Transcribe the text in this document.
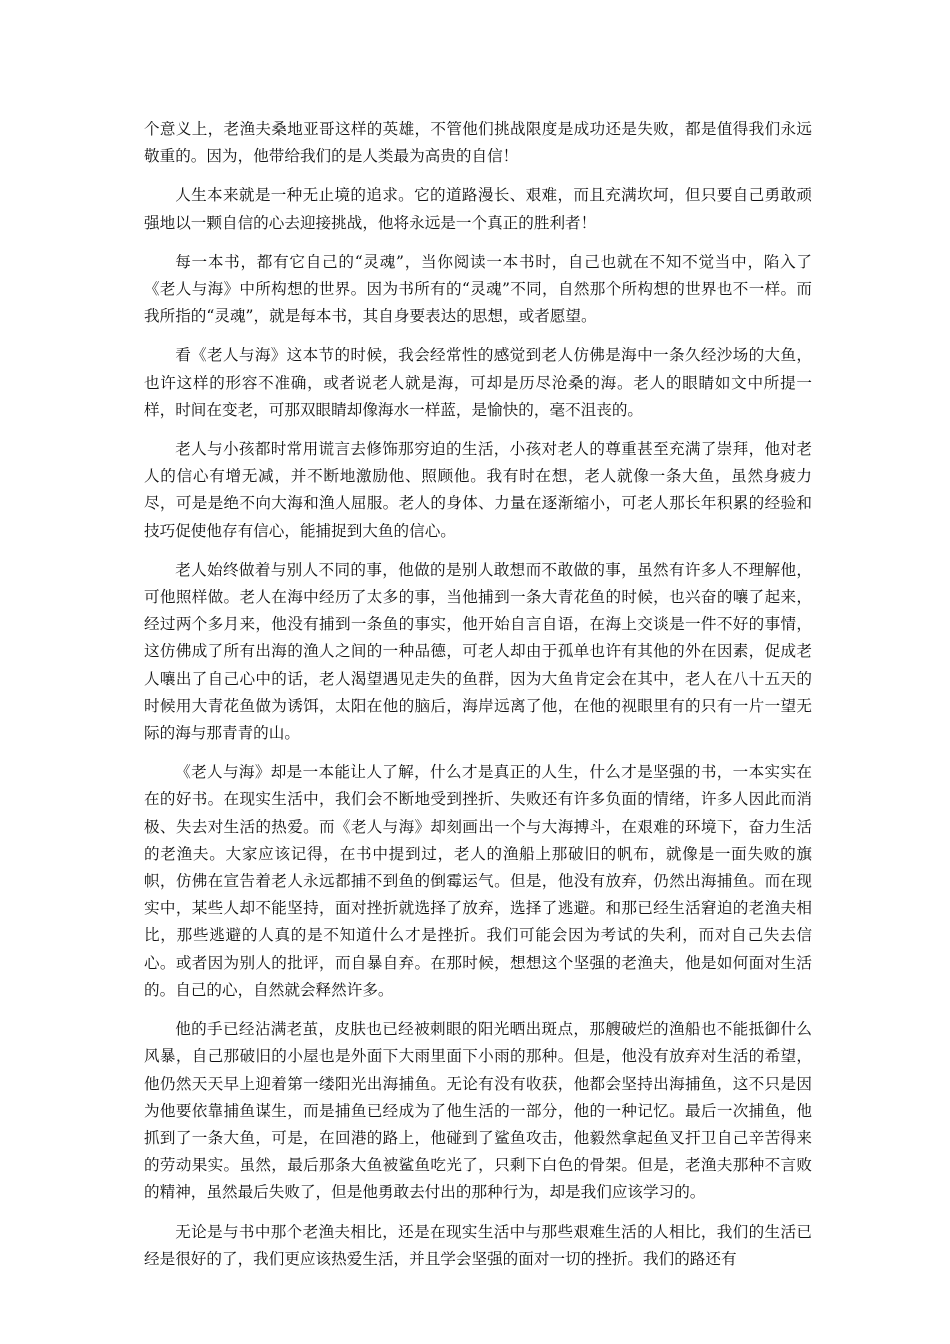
个意义上，老渔夫桑地亚哥这样的英雄，不管他们挑战限度是成功还是失败，都是值得我们永远敬重的。因为，他带给我们的是人类最为高贵的自信！

人生本来就是一种无止境的追求。它的道路漫长、艰难，而且充满坎坷，但只要自己勇敢顽强地以一颗自信的心去迎接挑战，他将永远是一个真正的胜利者！

每一本书，都有它自己的“灵魂”，当你阅读一本书时，自己也就在不知不觉当中，陷入了《老人与海》中所构想的世界。因为书所有的“灵魂”不同，自然那个所构想的世界也不一样。而我所指的“灵魂”，就是每本书，其自身要表达的思想，或者愿望。

看《老人与海》这本节的时候，我会经常性的感觉到老人仿佛是海中一条久经沙场的大鱼，也许这样的形容不准确，或者说老人就是海，可却是历尽沧桑的海。老人的眼睛如文中所提一样，时间在变老，可那双眼睛却像海水一样蓝，是愉快的，毫不沮丧的。

老人与小孩都时常用谎言去修饰那穷迫的生活，小孩对老人的尊重甚至充满了崇拜，他对老人的信心有增无减，并不断地激励他、照顾他。我有时在想，老人就像一条大鱼，虽然身疲力尽，可是是绝不向大海和渔人屈服。老人的身体、力量在逐渐缩小，可老人那长年积累的经验和技巧促使他存有信心，能捕捉到大鱼的信心。

老人始终做着与别人不同的事，他做的是别人敢想而不敢做的事，虽然有许多人不理解他，可他照样做。老人在海中经历了太多的事，当他捕到一条大青花鱼的时候，也兴奋的嚷了起来，经过两个多月来，他没有捕到一条鱼的事实，他开始自言自语，在海上交谈是一件不好的事情，这仿佛成了所有出海的渔人之间的一种品德，可老人却由于孤单也许有其他的外在因素，促成老人嚷出了自己心中的话，老人渴望遇见走失的鱼群，因为大鱼肯定会在其中，老人在八十五天的时候用大青花鱼做为诱饵，太阳在他的脑后，海岸远离了他，在他的视眼里有的只有一片一望无际的海与那青青的山。

《老人与海》却是一本能让人了解，什么才是真正的人生，什么才是坚强的书，一本实实在在的好书。在现实生活中，我们会不断地受到挫折、失败还有许多负面的情绪，许多人因此而消极、失去对生活的热爱。而《老人与海》却刻画出一个与大海搏斗，在艰难的环境下，奋力生活的老渔夫。大家应该记得，在书中提到过，老人的渔船上那破旧的帆布，就像是一面失败的旗帜，仿佛在宣告着老人永远都捕不到鱼的倒霉运气。但是，他没有放弃，仍然出海捕鱼。而在现实中，某些人却不能坚持，面对挫折就选择了放弃，选择了逃避。和那已经生活窘迫的老渔夫相比，那些逃避的人真的是不知道什么才是挫折。我们可能会因为考试的失利，而对自己失去信心。或者因为别人的批评，而自暴自弃。在那时候，想想这个坚强的老渔夫，他是如何面对生活的。自己的心，自然就会释然许多。

他的手已经沾满老茧，皮肤也已经被刺眼的阳光晒出斑点，那艘破烂的渔船也不能抵御什么风暴，自己那破旧的小屋也是外面下大雨里面下小雨的那种。但是，他没有放弃对生活的希望，他仍然天天早上迎着第一缕阳光出海捕鱼。无论有没有收获，他都会坚持出海捕鱼，这不只是因为他要依靠捕鱼谋生，而是捕鱼已经成为了他生活的一部分，他的一种记忆。最后一次捕鱼，他抓到了一条大鱼，可是，在回港的路上，他碰到了鲨鱼攻击，他毅然拿起鱼叉扞卫自己辛苦得来的劳动果实。虽然，最后那条大鱼被鲨鱼吃光了，只剩下白色的骨架。但是，老渔夫那种不言败的精神，虽然最后失败了，但是他勇敢去付出的那种行为，却是我们应该学习的。

无论是与书中那个老渔夫相比，还是在现实生活中与那些艰难生活的人相比，我们的生活已经是很好的了，我们更应该热爱生活，并且学会坚强的面对一切的挫折。我们的路还有
